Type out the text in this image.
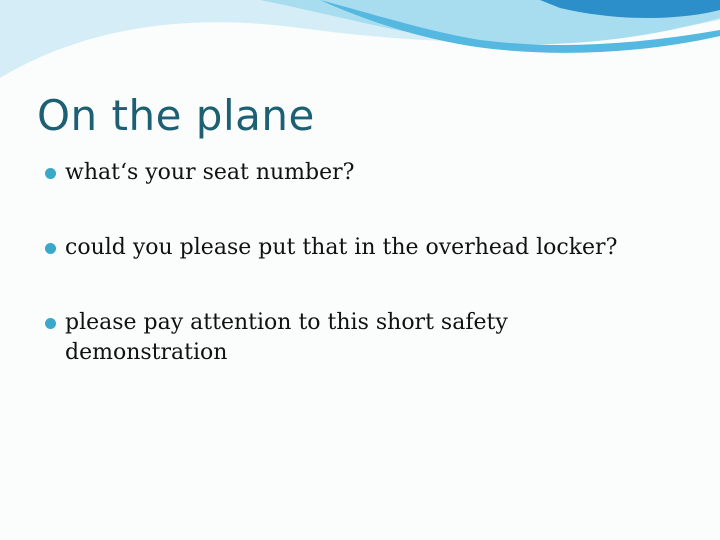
On the plane
what‘s your seat number?
could you please put that in the overhead locker?
please pay attention to this short safety demonstration
